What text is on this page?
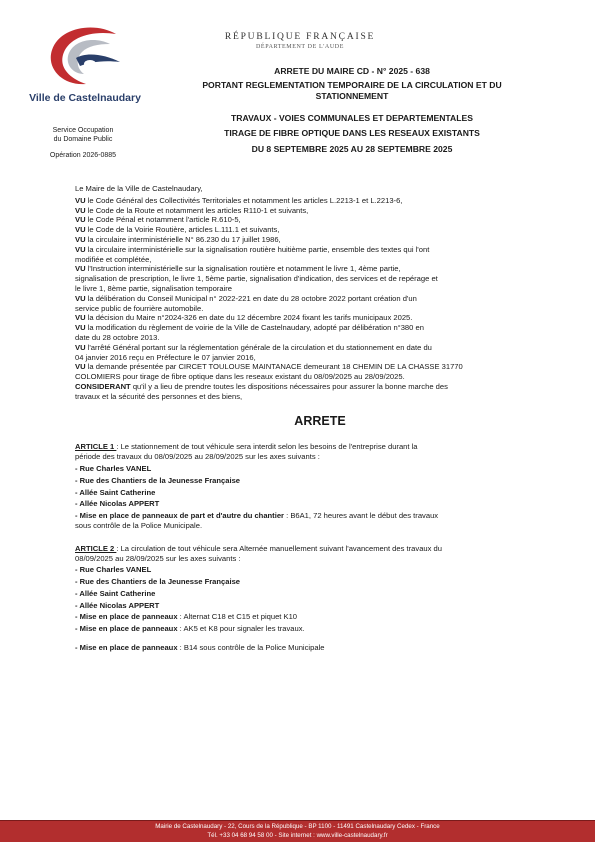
Ville de Castelnaudary
Service Occupation
du Domaine Public
Opération 2026-0885
RÉPUBLIQUE FRANÇAISE
DÉPARTEMENT DE L'AUDE
ARRETE DU MAIRE CD - N° 2025 - 638
PORTANT REGLEMENTATION TEMPORAIRE DE LA CIRCULATION ET DU
STATIONNEMENT
TRAVAUX - VOIES COMMUNALES ET DEPARTEMENTALES
TIRAGE DE FIBRE OPTIQUE DANS LES RESEAUX EXISTANTS
DU 8 SEPTEMBRE 2025 AU 28 SEPTEMBRE 2025

Le Maire de la Ville de Castelnaudary,

VU le Code Général des Collectivités Territoriales et notamment les articles L.2213-1 et L.2213-6,

VU le Code de la Route et notamment les articles R110-1 et suivants,

VU le Code Pénal et notamment l'article R.610-5,

VU le Code de la Voirie Routière, articles L.111.1 et suivants,

VU la circulaire interministérielle N° 86.230 du 17 juillet 1986,

VU la circulaire interministérielle sur la signalisation routière huitième partie, ensemble des textes qui l'ont

modifiée et complétée,

VU l'Instruction interministérielle sur la signalisation routière et notamment le livre 1, 4ème partie,

signalisation de prescription, le livre 1, 5ème partie, signalisation d'indication, des services et de repérage et

le livre 1, 8ème partie, signalisation temporaire

VU la délibération du Conseil Municipal n° 2022-221 en date du 28 octobre 2022 portant création d'un

service public de fourrière automobile.

VU la décision du Maire n°2024-326 en date du 12 décembre 2024 fixant les tarifs municipaux 2025.

VU la modification du règlement de voirie de la Ville de Castelnaudary, adopté par délibération n°380 en

date du 28 octobre 2013.

VU l'arrêté Général portant sur la réglementation générale de la circulation et du stationnement en date du

04 janvier 2016 reçu en Préfecture le 07 janvier 2016,

VU la demande présentée par CIRCET TOULOUSE MAINTANACE demeurant 18 CHEMIN DE LA CHASSE 31770

COLOMIERS pour tirage de fibre optique dans les reseaux existant du 08/09/2025 au 28/09/2025.

CONSIDERANT qu'il y a lieu de prendre toutes les dispositions nécessaires pour assurer la bonne marche des

travaux et la sécurité des personnes et des biens,

ARRETE

ARTICLE 1 : Le stationnement de tout véhicule sera interdit selon les besoins de l'entreprise durant la

période des travaux du 08/09/2025 au 28/09/2025 sur les axes suivants :

- Rue Charles VANEL

- Rue des Chantiers de la Jeunesse Française

- Allée Saint Catherine

- Allée Nicolas APPERT

- Mise en place de panneaux de part et d'autre du chantier : B6A1, 72 heures avant le début des travaux

sous contrôle de la Police Municipale.

ARTICLE 2 : La circulation de tout véhicule sera Alternée manuellement suivant l'avancement des travaux du

08/09/2025 au 28/09/2025 sur les axes suivants :

- Rue Charles VANEL

- Rue des Chantiers de la Jeunesse Française

- Allée Saint Catherine

- Allée Nicolas APPERT

- Mise en place de panneaux : Alternat C18 et C15 et piquet K10

- Mise en place de panneaux : AK5 et K8 pour signaler les travaux.

- Mise en place de panneaux : B14 sous contrôle de la Police Municipale

Mairie de Castelnaudary - 22, Cours de la République - BP 1100 - 11491 Castelnaudary Cedex - France
Tél. +33 04 68 94 58 00 - Site internet : www.ville-castelnaudary.fr
